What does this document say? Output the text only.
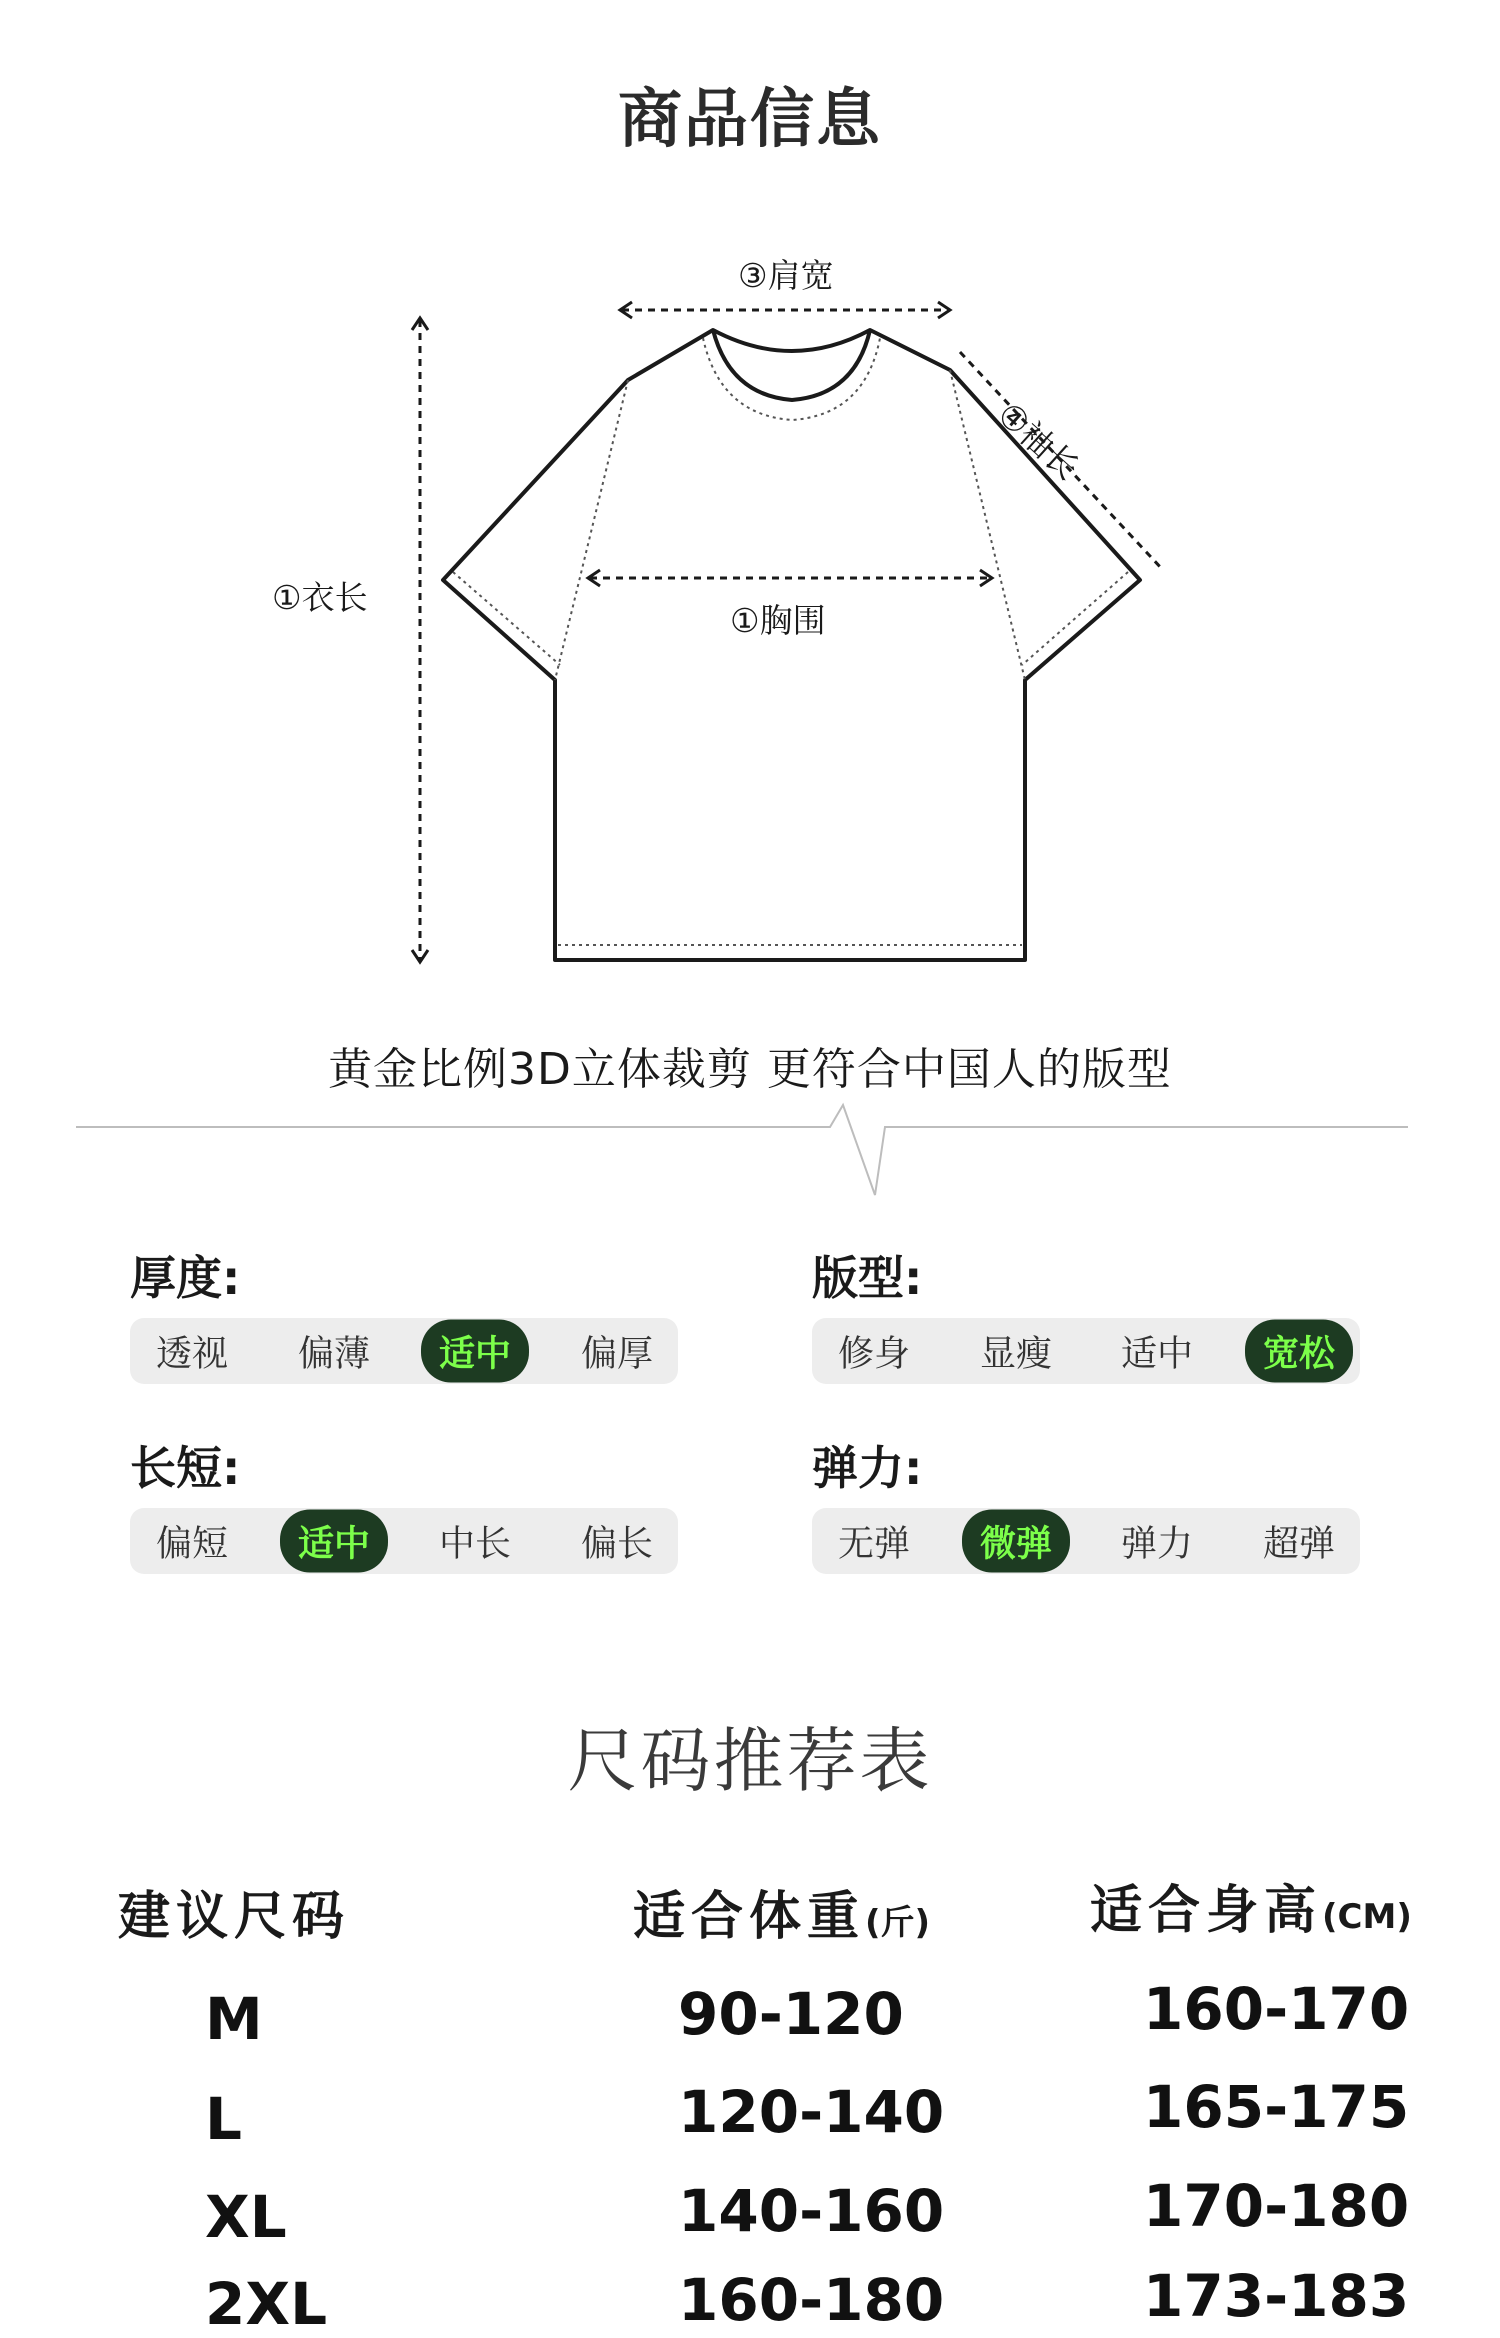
商品信息
③肩宽
④袖长
①衣长
①胸围
黄金比例3D立体裁剪 更符合中国人的版型
厚度:
透视 偏薄	适中	偏厚
版型:
修身 显瘦 适中	宽松
长短:
偏短	适中	中长 偏长
弹力:
无弹	微弹	弹力 超弹
尺码推荐表
建议尺码	适合体重(斤)	适合身高(CM)
M	90-120	160-170
L	120-140	165-175
XL	140-160	170-180
2XL	160-180	173-183
